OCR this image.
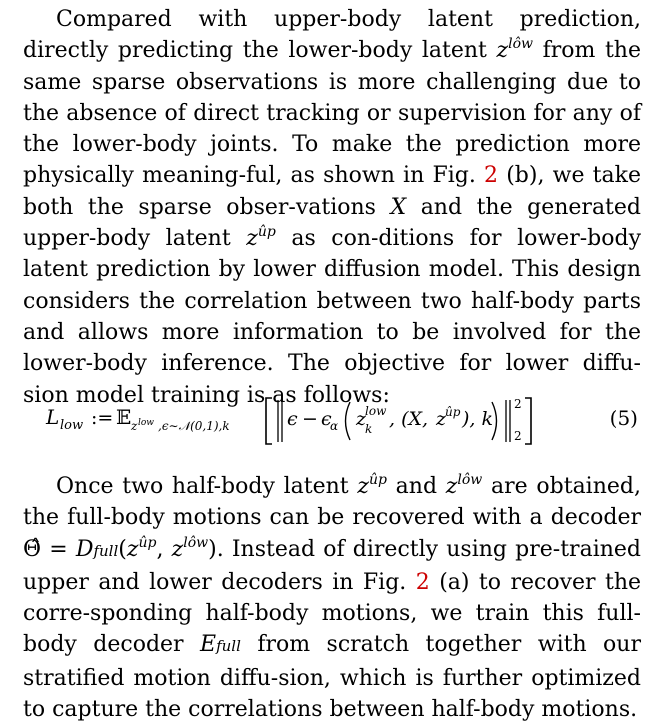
Compared with upper-body latent prediction, directly predicting the lower-body latent $z^{lôw}$ from the same sparse observations is more challenging due to the absence of direct tracking or supervision for any of the lower-body joints. To make the prediction more physically meaning-ful, as shown in Fig. 2 (b), we take both the sparse obser-vations X and the generated upper-body latent $z^{ûp}$ as con-ditions for lower-body latent prediction by lower diffusion model. This design considers the correlation between two half-body parts and allows more information to be involved for the lower-body inference. The objective for lower diffu-sion model training is as follows:

L low := 𝔼 z low ,ϵ∼𝒩(0,1),k	ϵ − ϵ
α z
low
k , (X, z
ûp ), k
2
2
(5)

Once two half-body latent $z^{ûp}$ and $z^{lôw}$ are obtained, the full-body motions can be recovered with a decoder Θ̂ = $Dfull(z^{ûp}$, $z^{lôw}$). Instead of directly using pre-trained upper and lower decoders in Fig. 2 (a) to recover the corre-sponding half-body motions, we train this full-body decoder Efull from scratch together with our stratified motion diffu-sion, which is further optimized to capture the correlations between half-body motions.
